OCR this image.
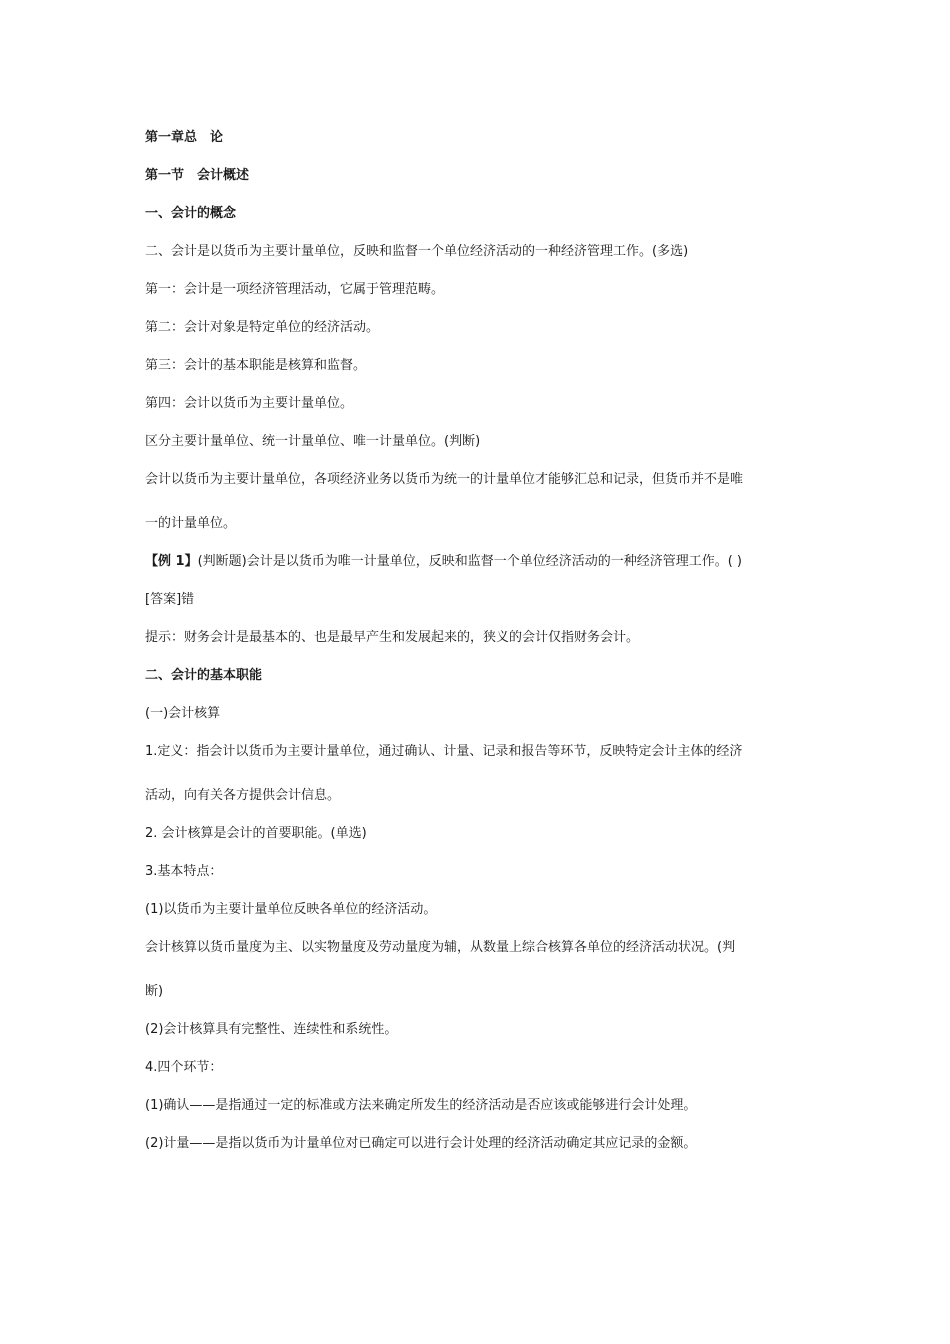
第一章总　论
第一节　会计概述
一、会计的概念
二、会计是以货币为主要计量单位，反映和监督一个单位经济活动的一种经济管理工作。(多选)
第一：会计是一项经济管理活动，它属于管理范畴。
第二：会计对象是特定单位的经济活动。
第三：会计的基本职能是核算和监督。
第四：会计以货币为主要计量单位。
区分主要计量单位、统一计量单位、唯一计量单位。(判断)
会计以货币为主要计量单位，各项经济业务以货币为统一的计量单位才能够汇总和记录，但货币并不是唯
一的计量单位。
【例 1】(判断题)会计是以货币为唯一计量单位，反映和监督一个单位经济活动的一种经济管理工作。( )
[答案]错
提示：财务会计是最基本的、也是最早产生和发展起来的，狭义的会计仅指财务会计。
二、会计的基本职能
(一)会计核算
1.定义：指会计以货币为主要计量单位，通过确认、计量、记录和报告等环节，反映特定会计主体的经济
活动，向有关各方提供会计信息。
2. 会计核算是会计的首要职能。(单选)
3.基本特点：
(1)以货币为主要计量单位反映各单位的经济活动。
会计核算以货币量度为主、以实物量度及劳动量度为辅，从数量上综合核算各单位的经济活动状况。(判
断)
(2)会计核算具有完整性、连续性和系统性。
4.四个环节：
(1)确认——是指通过一定的标准或方法来确定所发生的经济活动是否应该或能够进行会计处理。
(2)计量——是指以货币为计量单位对已确定可以进行会计处理的经济活动确定其应记录的金额。
